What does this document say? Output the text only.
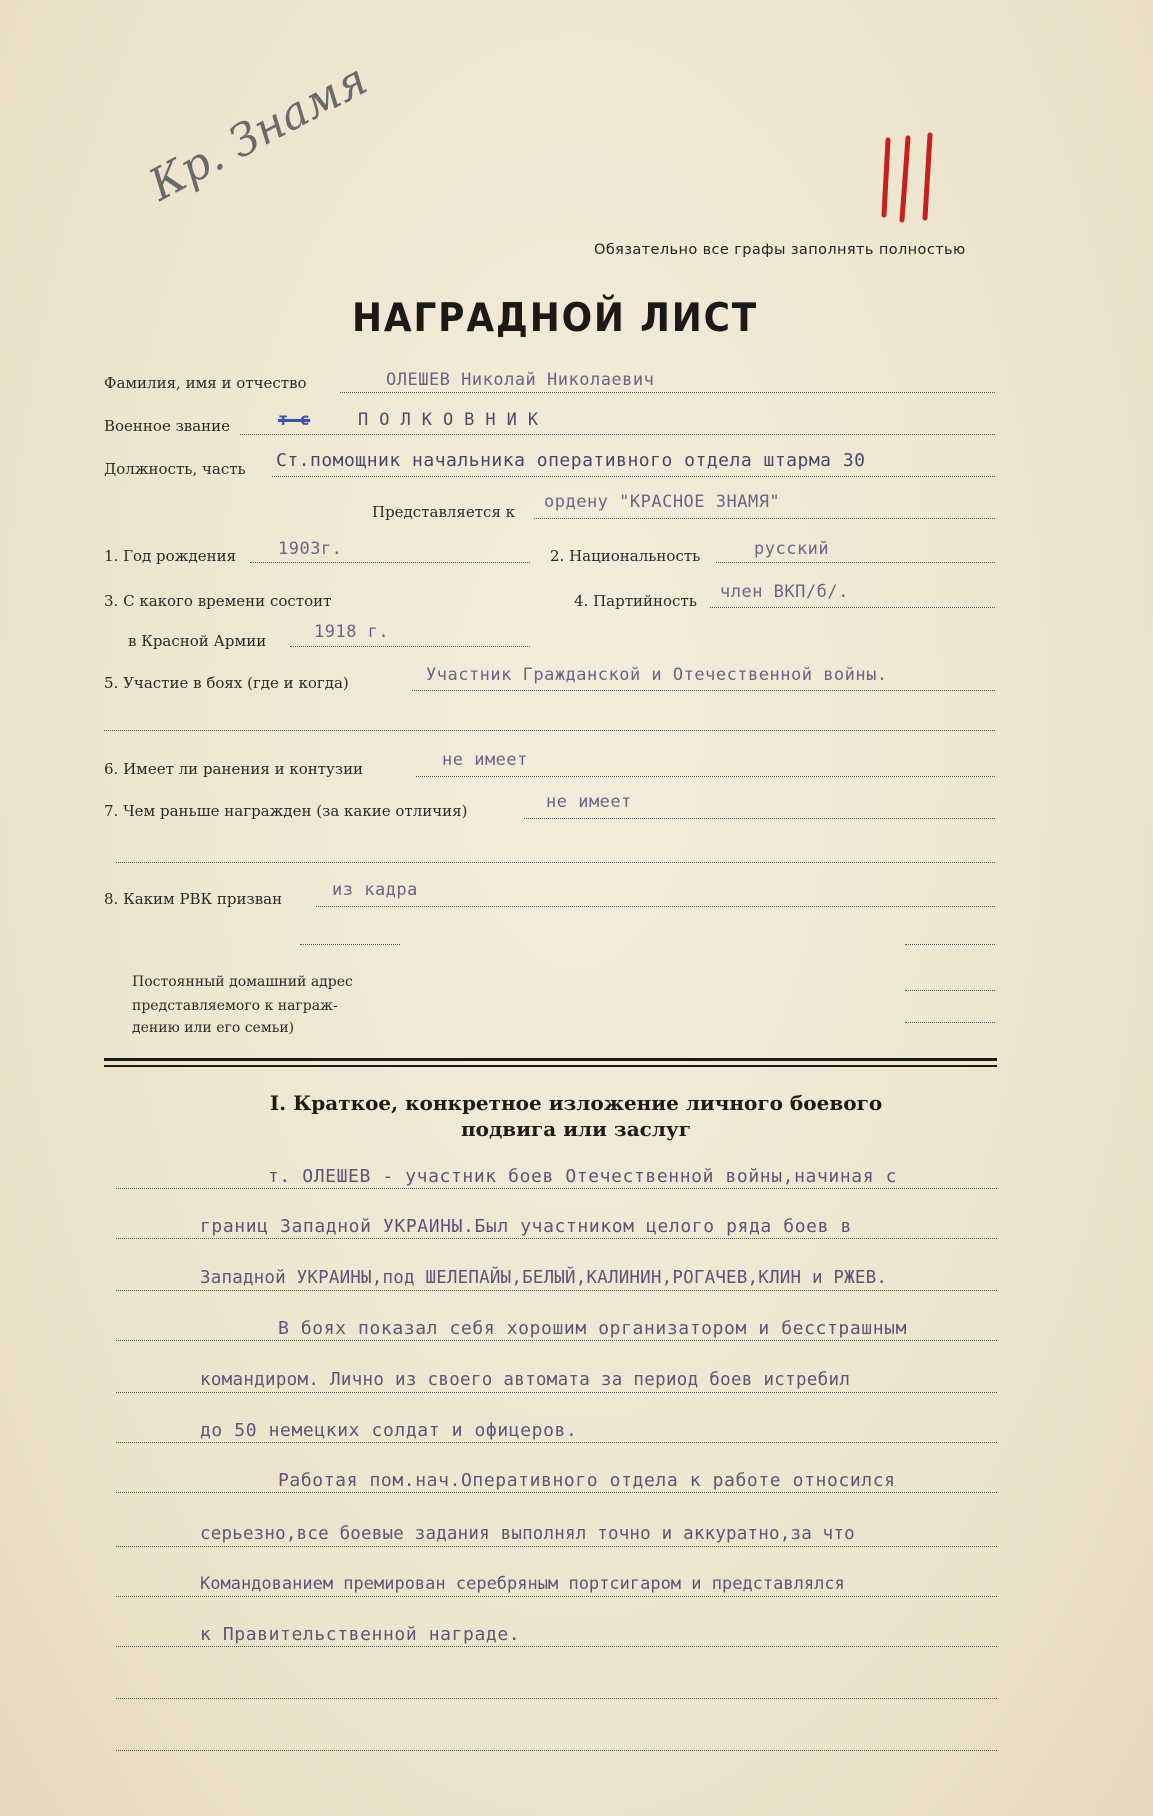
Кр. Знамя
Обязательно все графы заполнять полностью
НАГРАДНОЙ ЛИСТ
Фамилия, имя и отчество	ОЛЕШЕВ Николай Николаевич
Военное звание	т-с	ПОЛКОВНИК
Должность, часть Ст.помощник начальника оперативного отдела штарма 30
Представляется к ордену "КРАСНОЕ ЗНАМЯ"
1. Год рождения 1903г.	2. Национальность	русский
3. С какого времени состоит	4. Партийность член ВКП/б/.
в Красной Армии	1918 г.
5. Участие в боях (где и когда)	Участник Гражданской и Отечественной войны.
6. Имеет ли ранения и контузии	не имеет
7. Чем раньше награжден (за какие отличия)	не имеет
8. Каким РВК призван	из кадра
Постоянный домашний адрес
представляемого к награж-
дению или его семьи)
I. Краткое, конкретное изложение личного боевого
подвига или заслуг
т. ОЛЕШЕВ - участник боев Отечественной войны,начиная с
границ Западной УКРАИНЫ.Был участником целого ряда боев в
Западной УКРАИНЫ,под ШЕЛЕПАЙЫ,БЕЛЫЙ,КАЛИНИН,РОГАЧЕВ,КЛИН и РЖЕВ.
В боях показал себя хорошим организатором и бесстрашным
командиром. Лично из своего автомата за период боев истребил
до 50 немецких солдат и офицеров.
Работая пом.нач.Оперативного отдела к работе относился
серьезно,все боевые задания выполнял точно и аккуратно,за что
Командованием премирован серебряным портсигаром и представлялся
к Правительственной награде.
